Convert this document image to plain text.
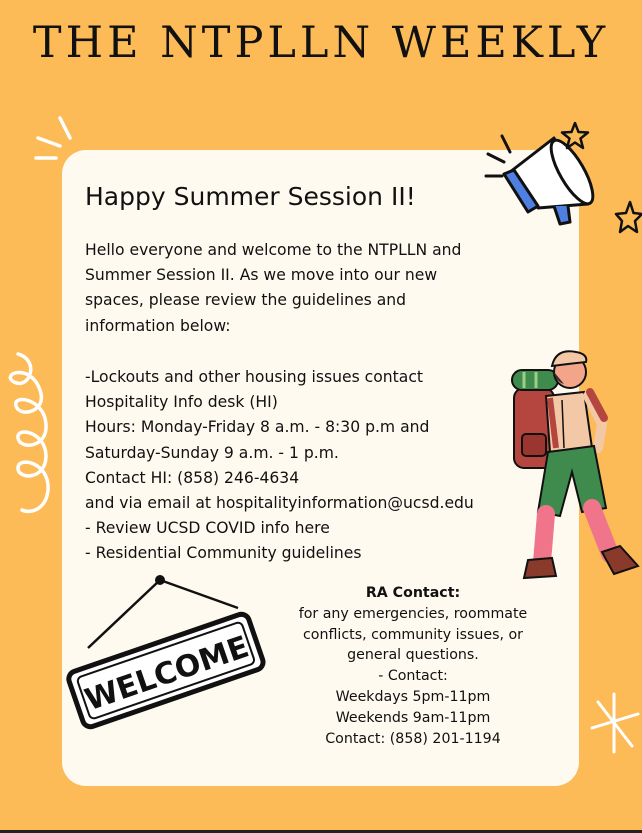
THE NTPLLN WEEKLY
Happy Summer Session II!
Hello everyone and welcome to the NTPLLN and
Summer Session II. As we move into our new
spaces, please review the guidelines and
information below:
-Lockouts and other housing issues contact
Hospitality Info desk (HI)
Hours: Monday-Friday 8 a.m. - 8:30 p.m and
Saturday-Sunday 9 a.m. - 1 p.m.
Contact HI: (858) 246-4634
and via email at hospitalityinformation@ucsd.edu
- Review UCSD COVID info here
- Residential Community guidelines
RA Contact:
for any emergencies, roommate
conflicts, community issues, or
general questions.
- Contact:
Weekdays 5pm-11pm
Weekends 9am-11pm
Contact: (858) 201-1194
WELCOME
